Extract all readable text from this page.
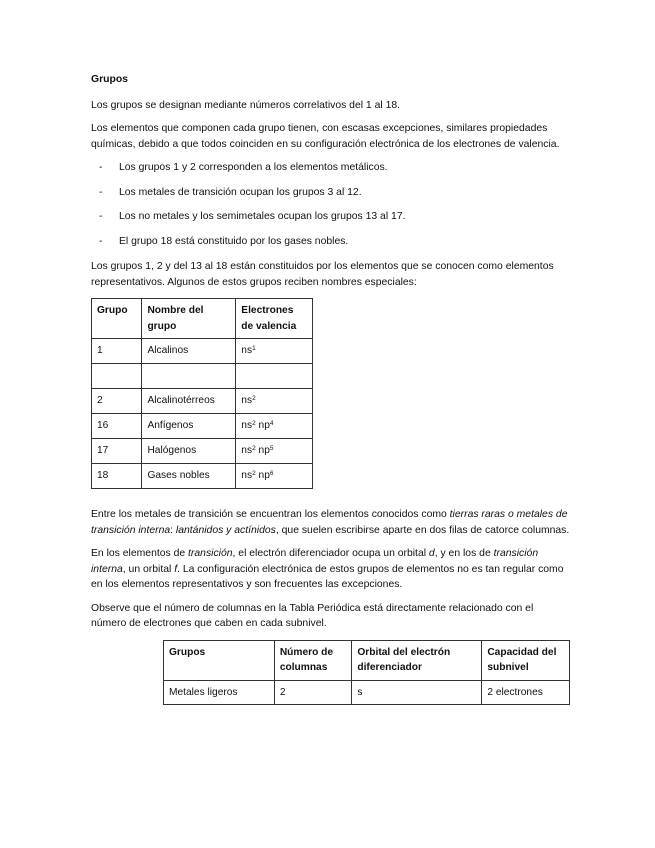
Grupos

Los grupos se designan mediante números correlativos del 1 al 18.

Los elementos que componen cada grupo tienen, con escasas excepciones, similares propiedades químicas, debido a que todos coinciden en su configuración electrónica de los electrones de valencia.

- Los grupos 1 y 2 corresponden a los elementos metálicos.
- Los metales de transición ocupan los grupos 3 al 12.
- Los no metales y los semimetales ocupan los grupos 13 al 17.
- El grupo 18 está constituido por los gases nobles.

Los grupos 1, 2 y del 13 al 18 están constituidos por los elementos que se conocen como elementos representativos. Algunos de estos grupos reciben nombres especiales:

Grupo	Nombre del grupo	Electrones de valencia
1	Alcalinos	$ns^1$

2	Alcalinotérreos	$ns^2$
16	Anfígenos	$ns^2$ $np^4$
17	Halógenos	$ns^2$ $np^5$
18	Gases nobles	$ns^2$ $np^6$

Entre los metales de transición se encuentran los elementos conocidos como tierras raras o metales de transición interna: lantánidos y actínidos, que suelen escribirse aparte en dos filas de catorce columnas.

En los elementos de transición, el electrón diferenciador ocupa un orbital d, y en los de transición interna, un orbital f. La configuración electrónica de estos grupos de elementos no es tan regular como en los elementos representativos y son frecuentes las excepciones.

Observe que el número de columnas en la Tabla Periódica está directamente relacionado con el número de electrones que caben en cada subnivel.

Grupos	Número de columnas	Orbital del electrón diferenciador	Capacidad del subnivel
Metales ligeros	2	s	2 electrones
